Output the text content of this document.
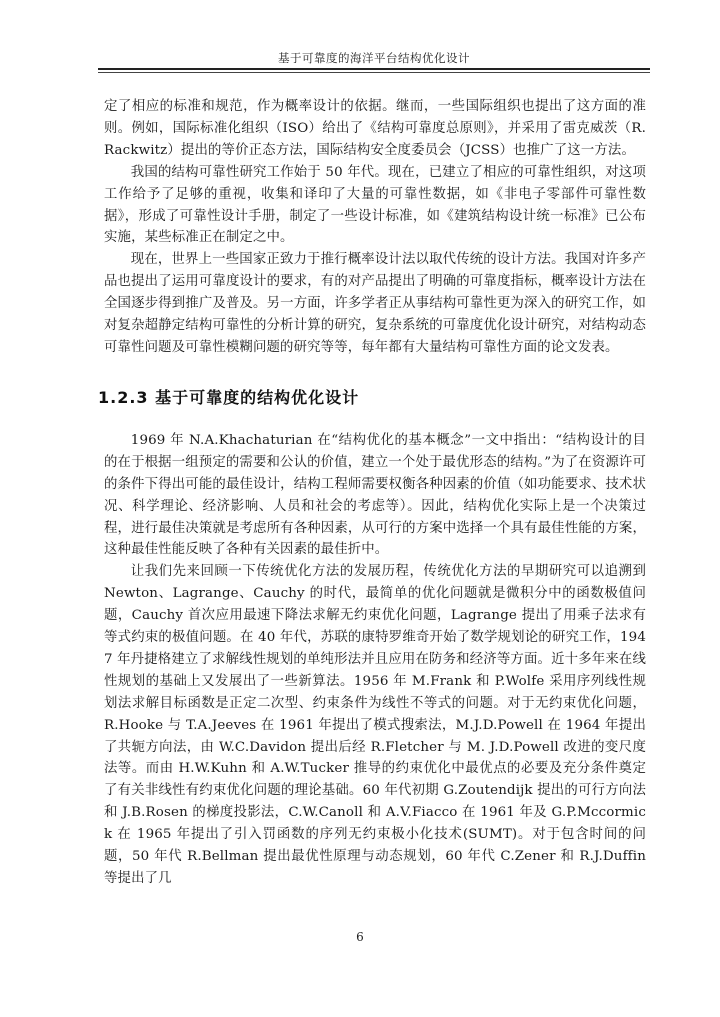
基于可靠度的海洋平台结构优化设计

定了相应的标准和规范，作为概率设计的依据。继而，一些国际组织也提出了这方面的准则。例如，国际标准化组织（ISO）给出了《结构可靠度总原则》，并采用了雷克威茨（R.Rackwitz）提出的等价正态方法，国际结构安全度委员会（JCSS）也推广了这一方法。

我国的结构可靠性研究工作始于 50 年代。现在，已建立了相应的可靠性组织，对这项工作给予了足够的重视，收集和译印了大量的可靠性数据，如《非电子零部件可靠性数据》，形成了可靠性设计手册，制定了一些设计标准，如《建筑结构设计统一标准》已公布实施，某些标准正在制定之中。

现在，世界上一些国家正致力于推行概率设计法以取代传统的设计方法。我国对许多产品也提出了运用可靠度设计的要求，有的对产品提出了明确的可靠度指标，概率设计方法在全国逐步得到推广及普及。另一方面，许多学者正从事结构可靠性更为深入的研究工作，如对复杂超静定结构可靠性的分析计算的研究，复杂系统的可靠度优化设计研究，对结构动态可靠性问题及可靠性模糊问题的研究等等，每年都有大量结构可靠性方面的论文发表。

1.2.3 基于可靠度的结构优化设计

1969 年 N.A.Khachaturian 在“结构优化的基本概念”一文中指出：“结构设计的目的在于根据一组预定的需要和公认的价值，建立一个处于最优形态的结构。”为了在资源许可的条件下得出可能的最佳设计，结构工程师需要权衡各种因素的价值（如功能要求、技术状况、科学理论、经济影响、人员和社会的考虑等）。因此，结构优化实际上是一个决策过程，进行最佳决策就是考虑所有各种因素，从可行的方案中选择一个具有最佳性能的方案，这种最佳性能反映了各种有关因素的最佳折中。

让我们先来回顾一下传统优化方法的发展历程，传统优化方法的早期研究可以追溯到 Newton、Lagrange、Cauchy 的时代，最简单的优化问题就是微积分中的函数极值问题，Cauchy 首次应用最速下降法求解无约束优化问题，Lagrange 提出了用乘子法求有等式约束的极值问题。在 40 年代，苏联的康特罗维奇开始了数学规划论的研究工作，1947 年丹捷格建立了求解线性规划的单纯形法并且应用在防务和经济等方面。近十多年来在线性规划的基础上又发展出了一些新算法。1956 年 M.Frank 和 P.Wolfe 采用序列线性规划法求解目标函数是正定二次型、约束条件为线性不等式的问题。对于无约束优化问题，R.Hooke 与 T.A.Jeeves 在 1961 年提出了模式搜索法，M.J.D.Powell 在 1964 年提出了共轭方向法，由 W.C.Davidon 提出后经 R.Fletcher 与 M. J.D.Powell 改进的变尺度法等。而由 H.W.Kuhn 和 A.W.Tucker 推导的约束优化中最优点的必要及充分条件奠定了有关非线性有约束优化问题的理论基础。60 年代初期 G.Zoutendijk 提出的可行方向法和 J.B.Rosen 的梯度投影法，C.W.Canoll 和 A.V.Fiacco 在 1961 年及 G.P.Mccormick 在 1965 年提出了引入罚函数的序列无约束极小化技术(SUMT)。对于包含时间的问题，50 年代 R.Bellman 提出最优性原理与动态规划，60 年代 C.Zener 和 R.J.Duffin 等提出了几

6
